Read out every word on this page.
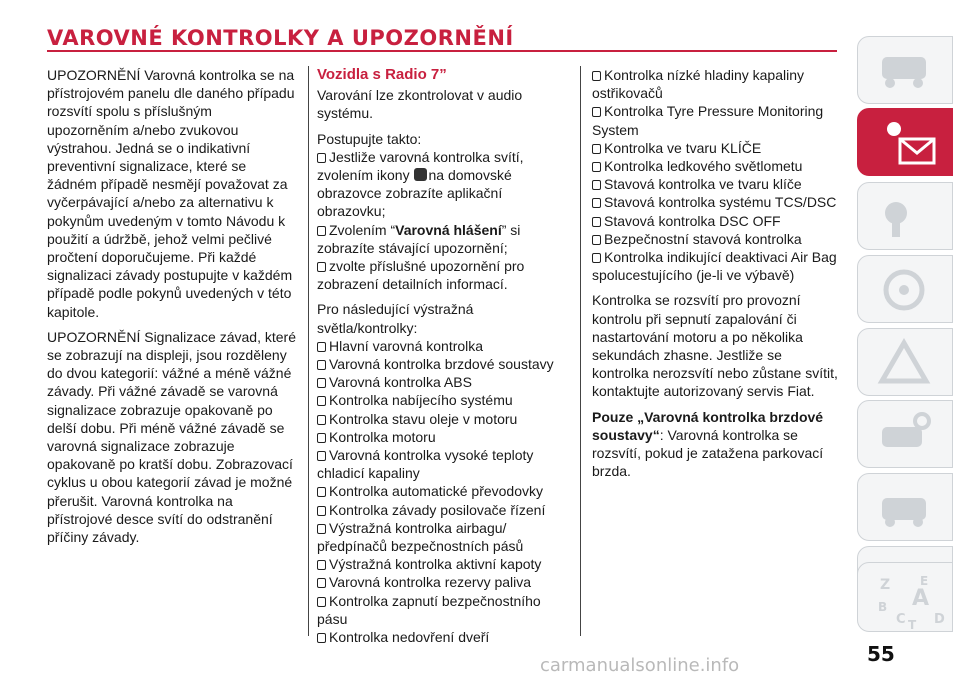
VAROVNÉ KONTROLKY A UPOZORNĚNÍ

UPOZORNĚNÍ Varovná kontrolka se na přístrojovém panelu dle daného případu rozsvítí spolu s příslušným upozorněním a/nebo zvukovou výstrahou. Jedná se o indikativní preventivní signalizace, které se žádném případě nesmějí považovat za vyčerpávající a/nebo za alternativu k pokynům uvedeným v tomto Návodu k použití a údržbě, jehož velmi pečlivé pročtení doporučujeme. Při každé signalizaci závady postupujte v každém případě podle pokynů uvedených v této kapitole.

UPOZORNĚNÍ Signalizace závad, které se zobrazují na displeji, jsou rozděleny do dvou kategorií: vážné a méně vážné závady. Při vážné závadě se varovná signalizace zobrazuje opakovaně po delší dobu. Při méně vážné závadě se varovná signalizace zobrazuje opakovaně po kratší dobu. Zobrazovací cyklus u obou kategorií závad je možné přerušit. Varovná kontrolka na přístrojové desce svítí do odstranění příčiny závady.

Vozidla s Radio 7”

Varování lze zkontrolovat v audio systému.

Postupujte takto:

Jestliže varovná kontrolka svítí, zvolením ikony na domovské obrazovce zobrazíte aplikační obrazovku;

Zvolením “Varovná hlášení” si zobrazíte stávající upozornění;

zvolte příslušné upozornění pro zobrazení detailních informací.

Pro následující výstražná světla/kontrolky:

Hlavní varovná kontrolka

Varovná kontrolka brzdové soustavy

Varovná kontrolka ABS

Kontrolka nabíjecího systému

Kontrolka stavu oleje v motoru

Kontrolka motoru

Varovná kontrolka vysoké teploty chladicí kapaliny

Kontrolka automatické převodovky

Kontrolka závady posilovače řízení

Výstražná kontrolka airbagu/ předpínačů bezpečnostních pásů

Výstražná kontrolka aktivní kapoty

Varovná kontrolka rezervy paliva

Kontrolka zapnutí bezpečnostního pásu

Kontrolka nedovření dveří

Kontrolka nízké hladiny kapaliny ostřikovačů

Kontrolka Tyre Pressure Monitoring System

Kontrolka ve tvaru KLÍČE

Kontrolka ledkového světlometu

Stavová kontrolka ve tvaru klíče

Stavová kontrolka systému TCS/DSC

Stavová kontrolka DSC OFF

Bezpečnostní stavová kontrolka

Kontrolka indikující deaktivaci Air Bag spolucestujícího (je-li ve výbavě)

Kontrolka se rozsvítí pro provozní kontrolu při sepnutí zapalování či nastartování motoru a po několika sekundách zhasne. Jestliže se kontrolka nerozsvítí nebo zůstane svítit, kontaktujte autorizovaný servis Fiat.

Pouze „Varovná kontrolka brzdové soustavy“: Varovná kontrolka se rozsvítí, pokud je zatažena parkovací brzda.

Z E
B A
C T D
55
carmanualsonline.info
